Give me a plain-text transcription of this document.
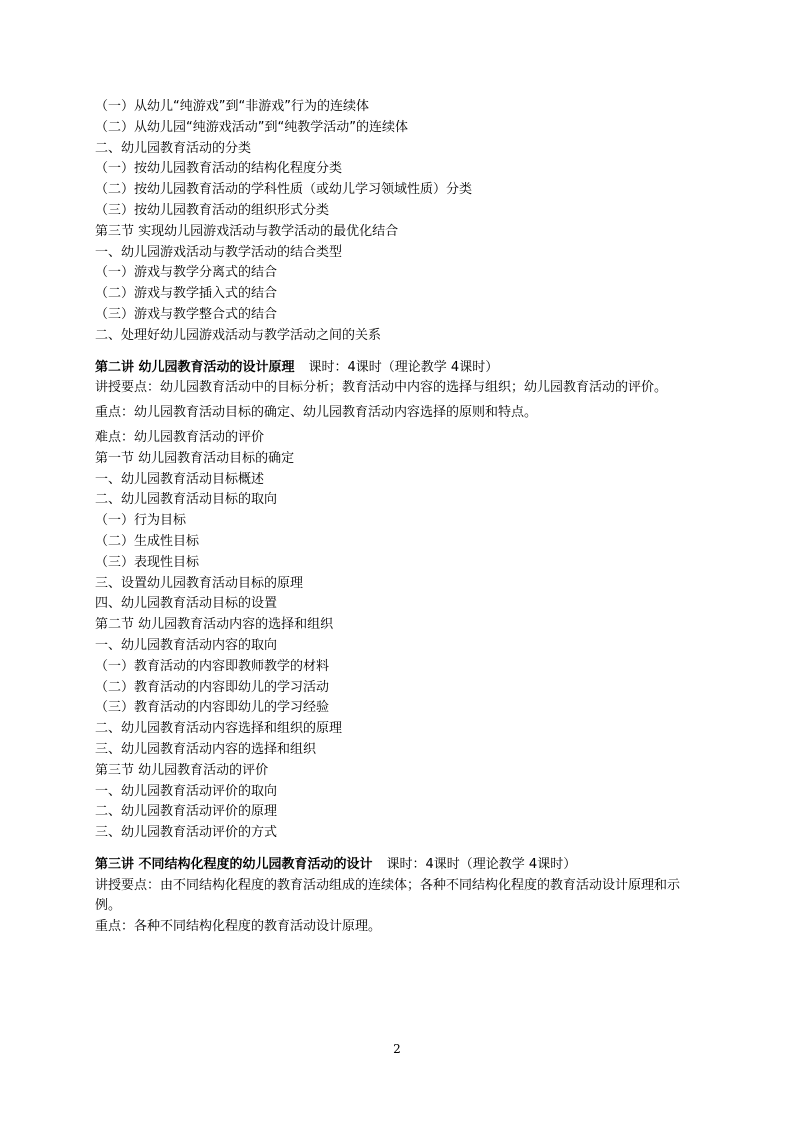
（一）从幼儿“纯游戏”到“非游戏”行为的连续体
（二）从幼儿园“纯游戏活动”到“纯教学活动”的连续体
二、幼儿园教育活动的分类
（一）按幼儿园教育活动的结构化程度分类
（二）按幼儿园教育活动的学科性质（或幼儿学习领域性质）分类
（三）按幼儿园教育活动的组织形式分类
第三节 实现幼儿园游戏活动与教学活动的最优化结合
一、幼儿园游戏活动与教学活动的结合类型
（一）游戏与教学分离式的结合
（二）游戏与教学插入式的结合
（三）游戏与教学整合式的结合
二、处理好幼儿园游戏活动与教学活动之间的关系
第二讲 幼儿园教育活动的设计原理 课时：4课时（理论教学 4课时）
讲授要点：幼儿园教育活动中的目标分析；教育活动中内容的选择与组织；幼儿园教育活动的评价。
重点：幼儿园教育活动目标的确定、幼儿园教育活动内容选择的原则和特点。
难点：幼儿园教育活动的评价
第一节 幼儿园教育活动目标的确定
一、幼儿园教育活动目标概述
二、幼儿园教育活动目标的取向
（一）行为目标
（二）生成性目标
（三）表现性目标
三、设置幼儿园教育活动目标的原理
四、幼儿园教育活动目标的设置
第二节 幼儿园教育活动内容的选择和组织
一、幼儿园教育活动内容的取向
（一）教育活动的内容即教师教学的材料
（二）教育活动的内容即幼儿的学习活动
（三）教育活动的内容即幼儿的学习经验
二、幼儿园教育活动内容选择和组织的原理
三、幼儿园教育活动内容的选择和组织
第三节 幼儿园教育活动的评价
一、幼儿园教育活动评价的取向
二、幼儿园教育活动评价的原理
三、幼儿园教育活动评价的方式
第三讲 不同结构化程度的幼儿园教育活动的设计 课时：4课时（理论教学 4课时）
讲授要点：由不同结构化程度的教育活动组成的连续体；各种不同结构化程度的教育活动设计原理和示例。
重点：各种不同结构化程度的教育活动设计原理。
2
